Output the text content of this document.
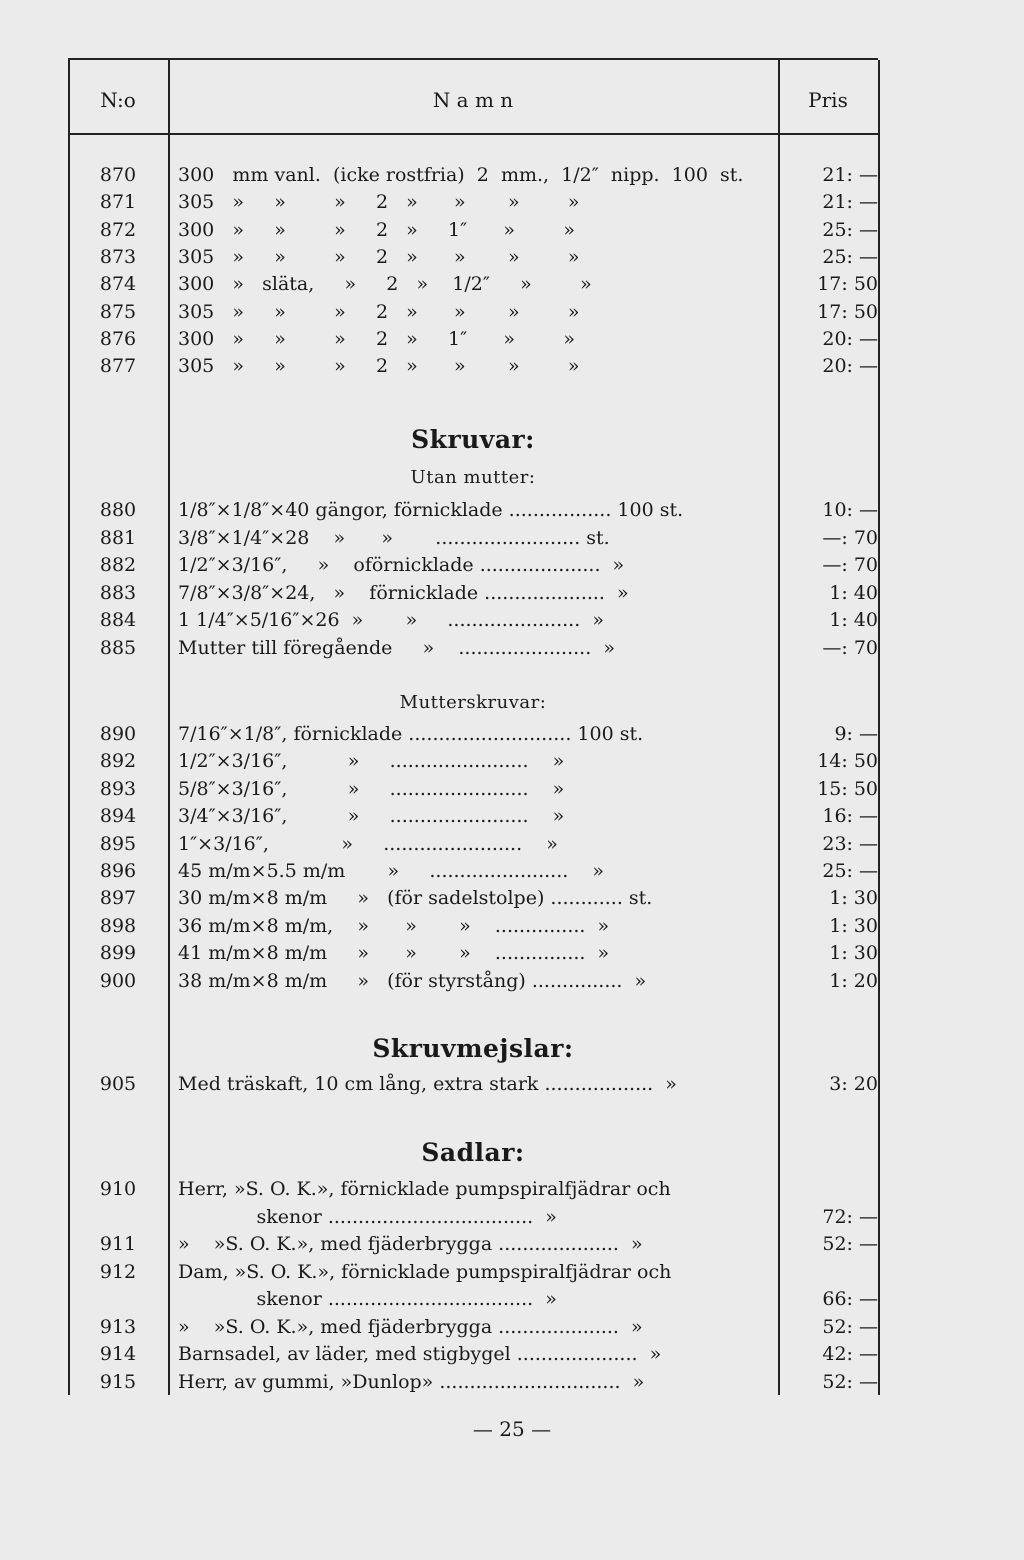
N:o	N a m n	Pris
870	300   mm vanl.  (icke rostfria)  2  mm.,  1/2″  nipp.  100  st.	21: —
871	305   »     »        »     2   »      »       »        »	21: —
872	300   »     »        »     2   »     1″      »        »	25: —
873	305   »     »        »     2   »      »       »        »	25: —
874	300   »   släta,     »     2   »    1/2″     »        »	17: 50
875	305   »     »        »     2   »      »       »        »	17: 50
876	300   »     »        »     2   »     1″      »        »	20: —
877	305   »     »        »     2   »      »       »        »	20: —
Skruvar:
Utan mutter:
880	1/8″×1/8″×40 gängor, förnicklade ................. 100 st.	10: —
881	3/8″×1/4″×28    »      »       ........................ st.	—: 70
882	1/2″×3/16″,     »    oförnicklade ....................  »	—: 70
883	7/8″×3/8″×24,   »    förnicklade ....................  »	1: 40
884	1 1/4″×5/16″×26  »       »     ......................  »	1: 40
885	Mutter till föregående     »    ......................  »	—: 70
Mutterskruvar:
890	7/16″×1/8″, förnicklade ........................... 100 st.	9: —
892	1/2″×3/16″,          »     .......................    »	14: 50
893	5/8″×3/16″,          »     .......................    »	15: 50
894	3/4″×3/16″,          »     .......................    »	16: —
895	1″×3/16″,            »     .......................    »	23: —
896	45 m/m×5.5 m/m       »     .......................    »	25: —
897	30 m/m×8 m/m     »   (för sadelstolpe) ............ st.	1: 30
898	36 m/m×8 m/m,    »      »       »    ...............  »	1: 30
899	41 m/m×8 m/m     »      »       »    ...............  »	1: 30
900	38 m/m×8 m/m     »   (för styrstång) ...............  »	1: 20
Skruvmejslar:
905	Med träskaft, 10 cm lång, extra stark ..................  »	3: 20
Sadlar:
910	Herr, »S. O. K.», förnicklade pumpspiralfjädrar och
skenor ..................................  »	72: —
911	»    »S. O. K.», med fjäderbrygga ....................  »	52: —
912	Dam, »S. O. K.», förnicklade pumpspiralfjädrar och
skenor ..................................  »	66: —
913	»    »S. O. K.», med fjäderbrygga ....................  »	52: —
914	Barnsadel, av läder, med stigbygel ....................  »	42: —
915	Herr, av gummi, »Dunlop» ..............................  »	52: —
— 25 —
